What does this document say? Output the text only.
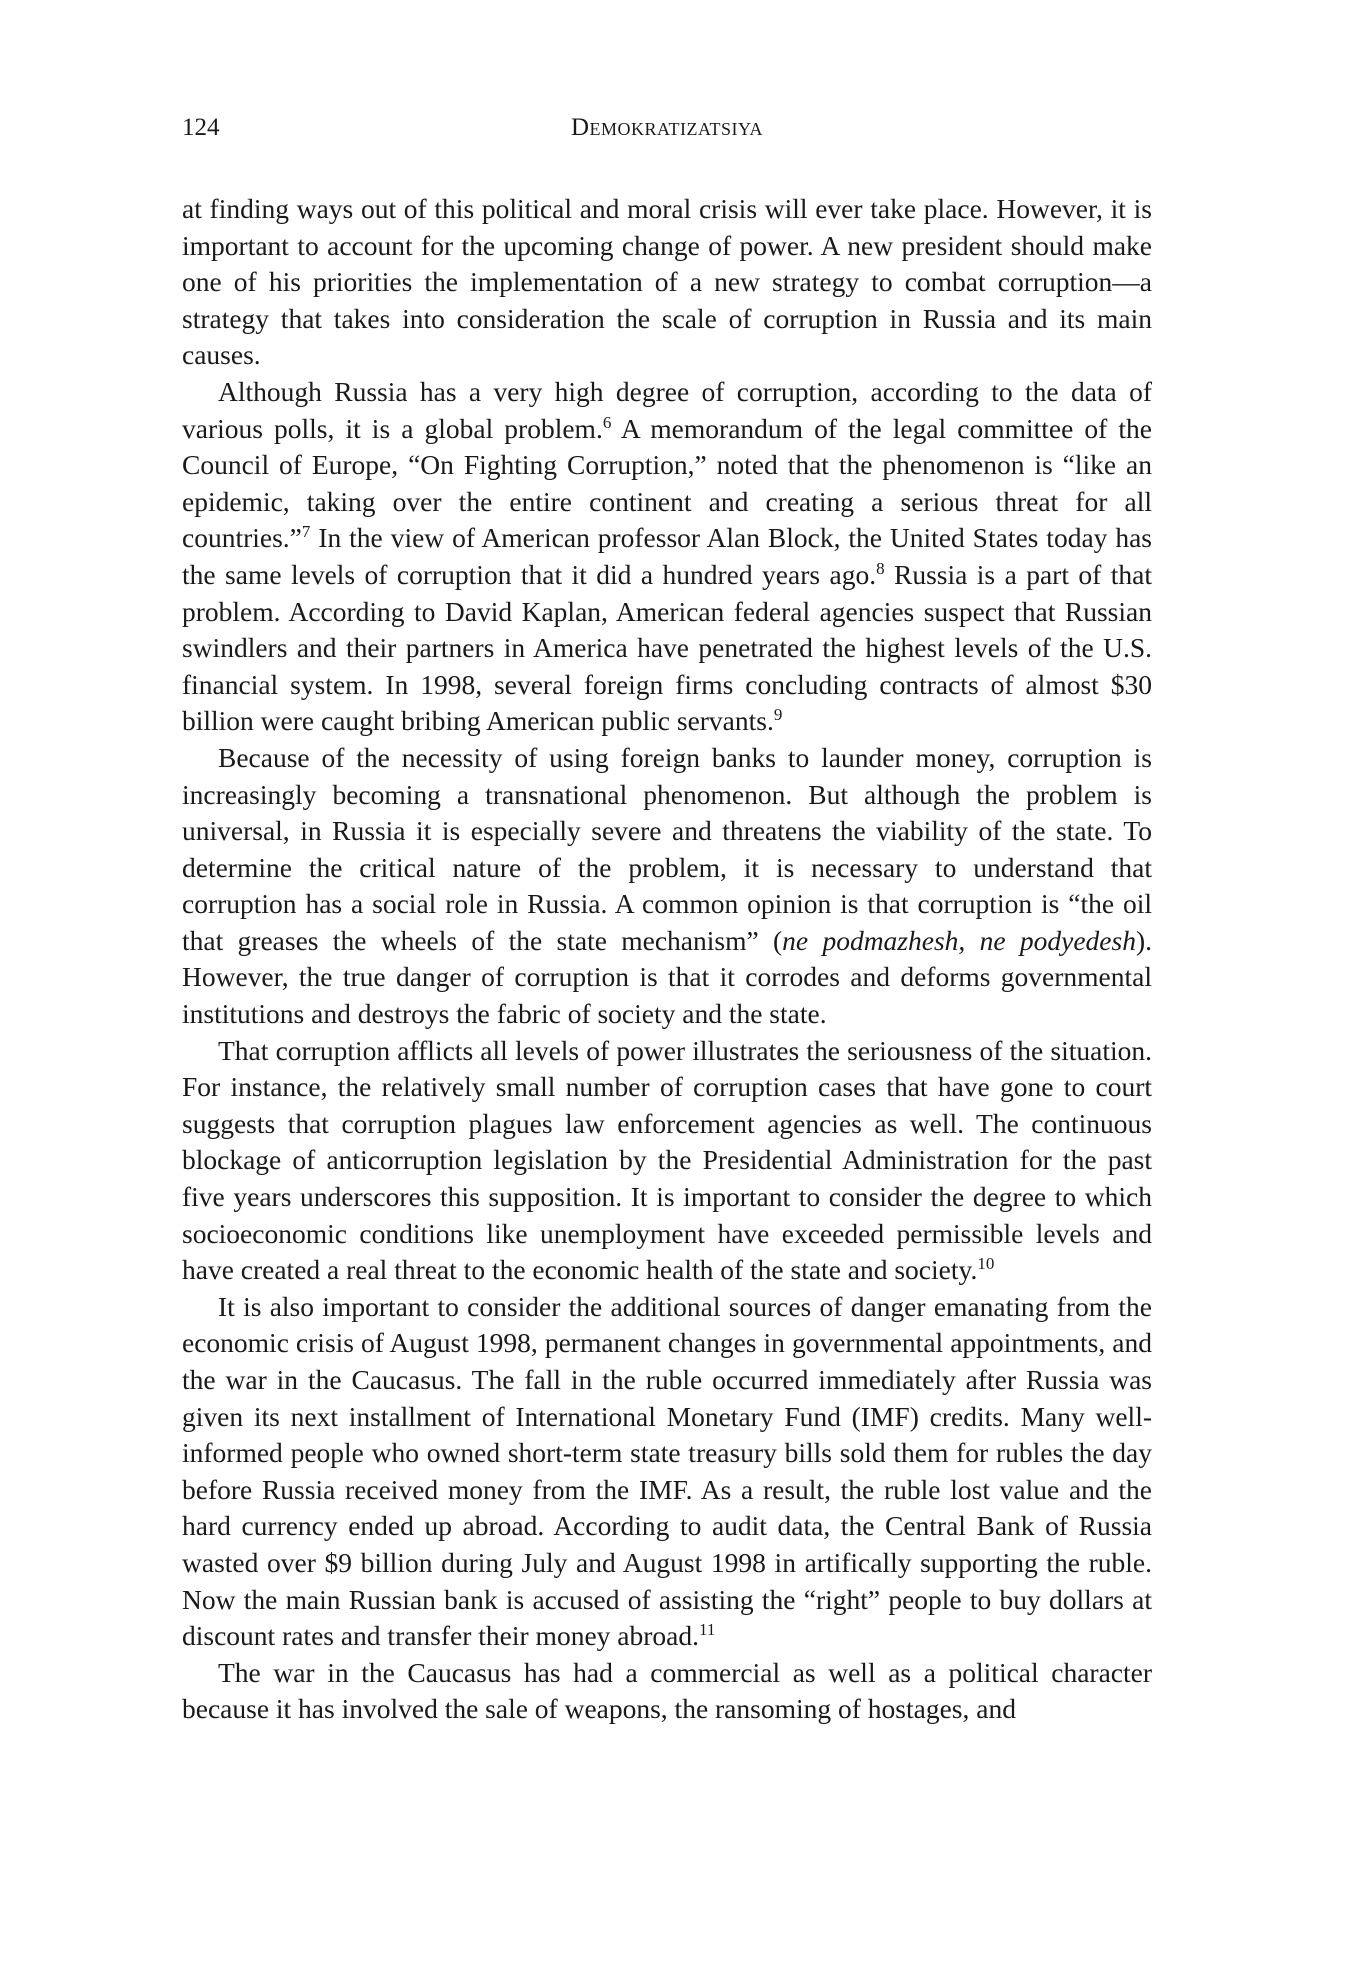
124	Demokratizatsiya

at finding ways out of this political and moral crisis will ever take place. However, it is important to account for the upcoming change of power. A new president should make one of his priorities the implementation of a new strategy to combat corruption—a strategy that takes into consideration the scale of corruption in Russia and its main causes.

Although Russia has a very high degree of corruption, according to the data of various polls, it is a global problem.$^6$ A memorandum of the legal committee of the Council of Europe, “On Fighting Corruption,” noted that the phenomenon is “like an epidemic, taking over the entire continent and creating a serious threat for all countries.”$^7$ In the view of American professor Alan Block, the United States today has the same levels of corruption that it did a hundred years ago.$^8$ Russia is a part of that problem. According to David Kaplan, American federal agencies suspect that Russian swindlers and their partners in America have penetrated the highest levels of the U.S. financial system. In 1998, several foreign firms concluding contracts of almost $30 billion were caught bribing American public servants.$^9$

Because of the necessity of using foreign banks to launder money, corruption is increasingly becoming a transnational phenomenon. But although the problem is universal, in Russia it is especially severe and threatens the viability of the state. To determine the critical nature of the problem, it is necessary to understand that corruption has a social role in Russia. A common opinion is that corruption is “the oil that greases the wheels of the state mechanism” (ne podmazhesh, ne podyedesh). However, the true danger of corruption is that it corrodes and deforms governmental institutions and destroys the fabric of society and the state.

That corruption afflicts all levels of power illustrates the seriousness of the situation. For instance, the relatively small number of corruption cases that have gone to court suggests that corruption plagues law enforcement agencies as well. The continuous blockage of anticorruption legislation by the Presidential Administration for the past five years underscores this supposition. It is important to consider the degree to which socioeconomic conditions like unemployment have exceeded permissible levels and have created a real threat to the economic health of the state and society.$^{10}$

It is also important to consider the additional sources of danger emanating from the economic crisis of August 1998, permanent changes in governmental appointments, and the war in the Caucasus. The fall in the ruble occurred immediately after Russia was given its next installment of International Monetary Fund (IMF) credits. Many well-informed people who owned short-term state treasury bills sold them for rubles the day before Russia received money from the IMF. As a result, the ruble lost value and the hard currency ended up abroad. According to audit data, the Central Bank of Russia wasted over $9 billion during July and August 1998 in artifically supporting the ruble. Now the main Russian bank is accused of assisting the “right” people to buy dollars at discount rates and transfer their money abroad.$^{11}$

The war in the Caucasus has had a commercial as well as a political character because it has involved the sale of weapons, the ransoming of hostages, and
